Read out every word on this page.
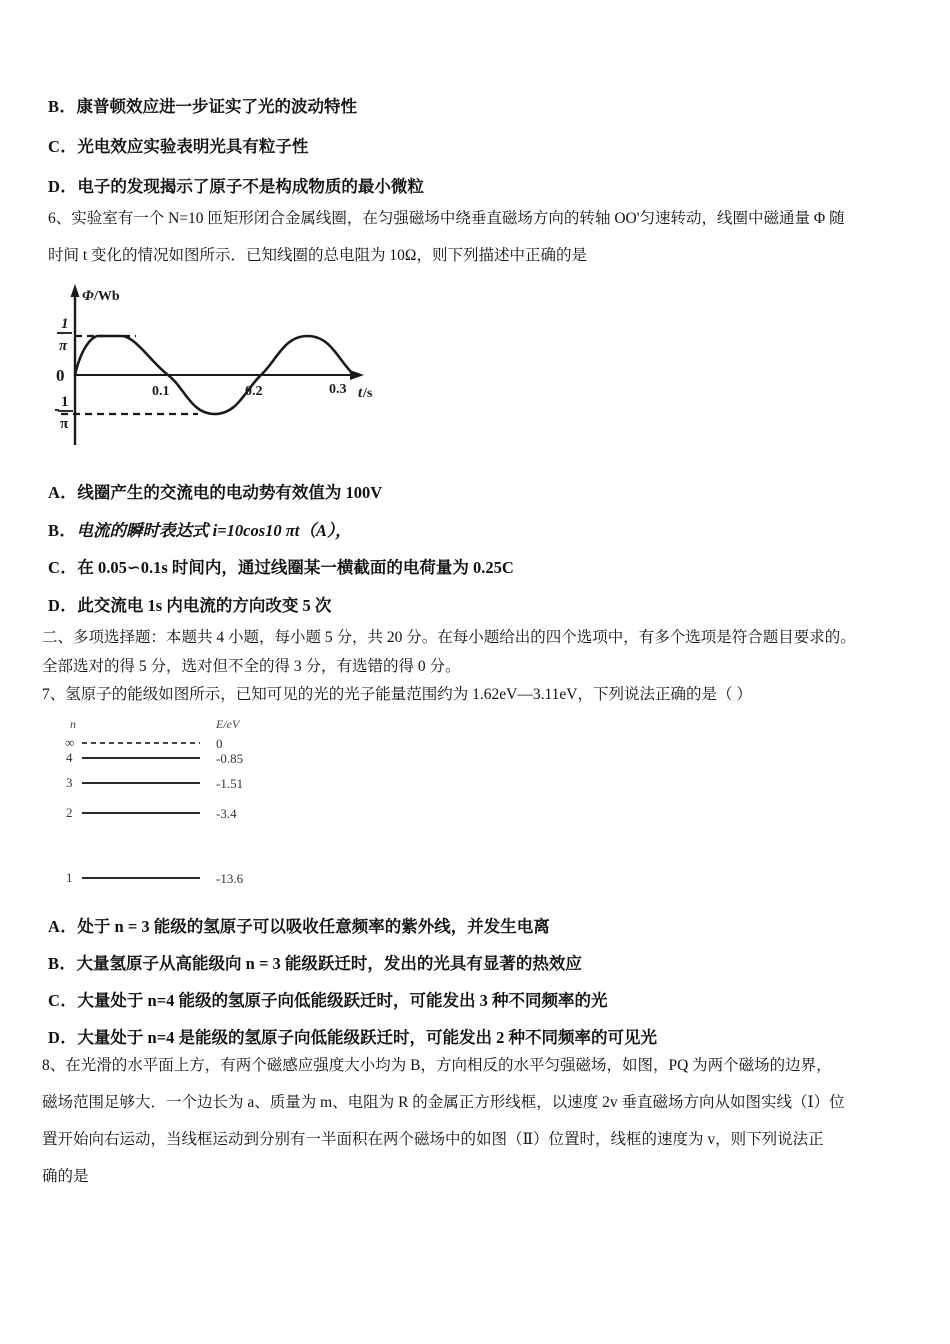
B．康普顿效应进一步证实了光的波动特性
C．光电效应实验表明光具有粒子性
D．电子的发现揭示了原子不是构成物质的最小微粒
6、实验室有一个 N=10 匝矩形闭合金属线圈，在匀强磁场中绕垂直磁场方向的转轴 OO'匀速转动，线圈中磁通量 Φ 随
时间 t 变化的情况如图所示．已知线圈的总电阻为 10Ω，则下列描述中正确的是
A．线圈产生的交流电的电动势有效值为 100V
B．电流的瞬时表达式 i=10cos10 πt（A），
C．在 0.05∽0.1s 时间内，通过线圈某一横截面的电荷量为 0.25C
D．此交流电 1s 内电流的方向改变 5 次
二、多项选择题：本题共 4 小题，每小题 5 分，共 20 分。在每小题给出的四个选项中，有多个选项是符合题目要求的。
全部选对的得 5 分，选对但不全的得 3 分，有选错的得 0 分。
7、氢原子的能级如图所示，已知可见的光的光子能量范围约为 1.62eV—3.11eV，下列说法正确的是（ ）
A．处于 n = 3 能级的氢原子可以吸收任意频率的紫外线，并发生电离
B．大量氢原子从高能级向 n = 3 能级跃迁时，发出的光具有显著的热效应
C．大量处于 n=4 能级的氢原子向低能级跃迁时，可能发出 3 种不同频率的光
D．大量处于 n=4 是能级的氢原子向低能级跃迁时，可能发出 2 种不同频率的可见光
8、在光滑的水平面上方，有两个磁感应强度大小均为 B，方向相反的水平匀强磁场，如图，PQ 为两个磁场的边界，
磁场范围足够大．一个边长为 a、质量为 m、电阻为 R 的金属正方形线框，以速度 2v 垂直磁场方向从如图实线（Ⅰ）位
置开始向右运动，当线框运动到分别有一半面积在两个磁场中的如图（Ⅱ）位置时，线框的速度为 v，则下列说法正
确的是
1
π
0
1
π
Φ /Wb
0.1	0.2	0.3 t /s
n	E/eV
∞	0
4	-0.85
3	-1.51
2	-3.4
1	-13.6
